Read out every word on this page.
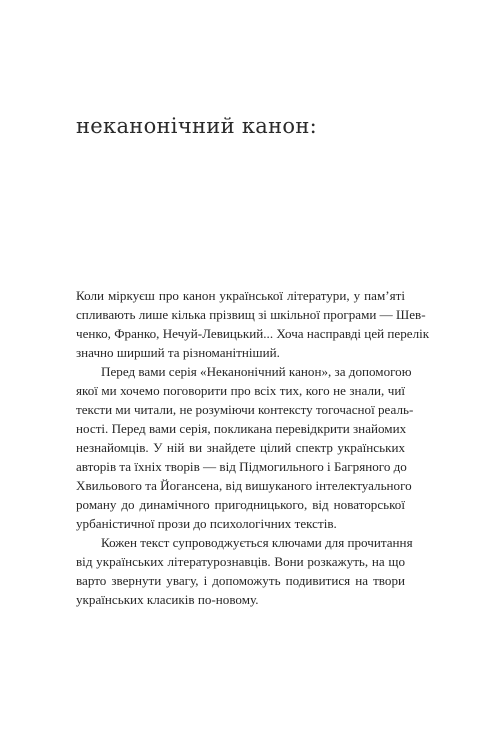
неканонічний канон:
Коли міркуєш про канон української літератури, у пам’яті
спливають лише кілька прізвищ зі шкільної програми — Шев-
ченко, Франко, Нечуй-Левицький... Хоча насправді цей перелік
значно ширший та різноманітніший.
Перед вами серія «Неканонічний канон», за допомогою
якої ми хочемо поговорити про всіх тих, кого не знали, чиї
тексти ми читали, не розуміючи контексту тогочасної реаль-
ності. Перед вами серія, покликана перевідкрити знайомих
незнайомців. У ній ви знайдете цілий спектр українських
авторів та їхніх творів — від Підмогильного і Багряного до
Хвильового та Йогансена, від вишуканого інтелектуального
роману до динамічного пригодницького, від новаторської
урбаністичної прози до психологічних текстів.
Кожен текст супроводжується ключами для прочитання
від українських літературознавців. Вони розкажуть, на що
варто звернути увагу, і допоможуть подивитися на твори
українських класиків по-новому.
